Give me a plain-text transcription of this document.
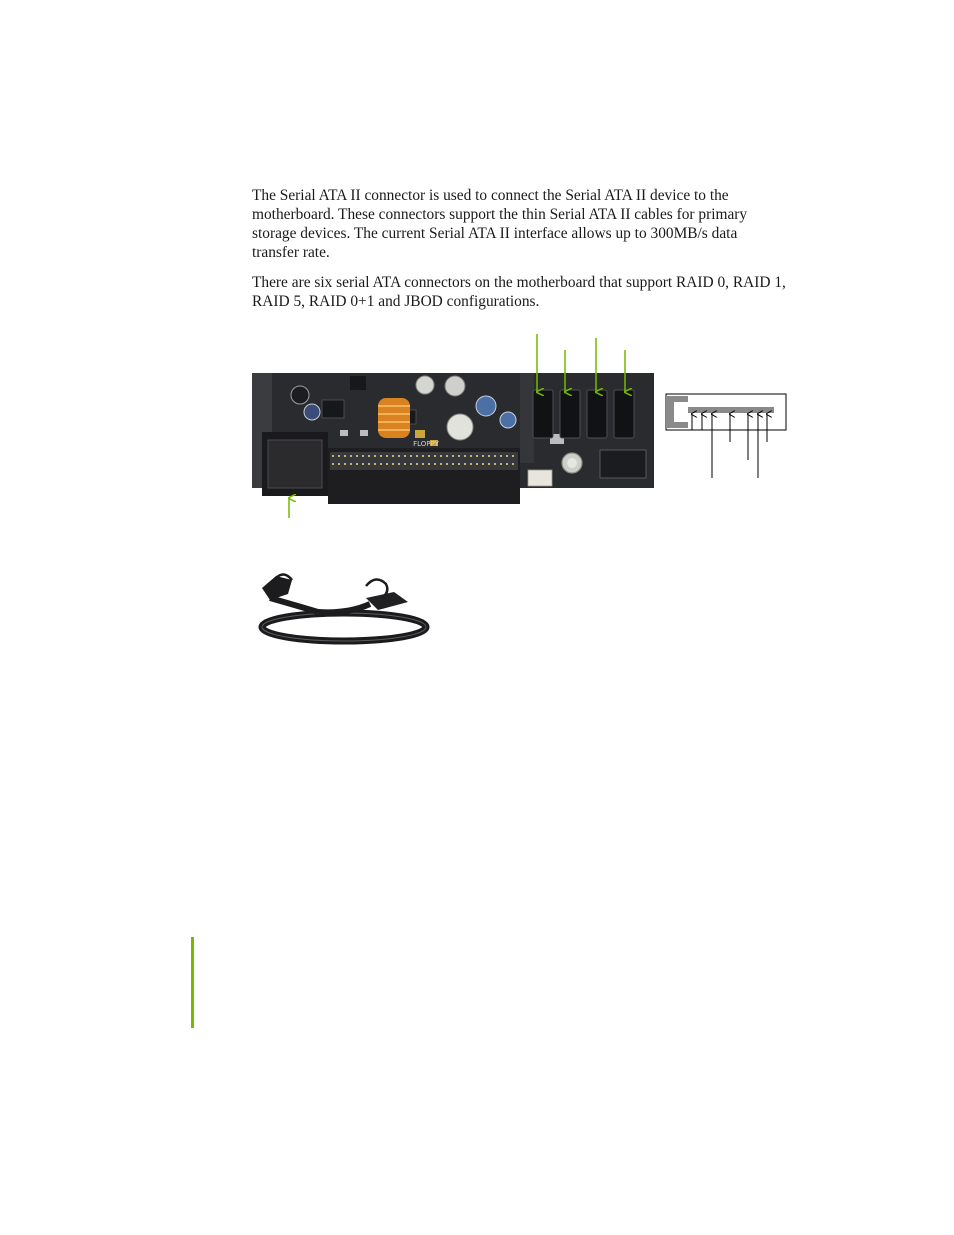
The Serial ATA II connector is used to connect the Serial ATA II device to the motherboard. These connectors support the thin Serial ATA II cables for primary storage devices. The current Serial ATA II interface allows up to 300MB/s data transfer rate.

There are six serial ATA connectors on the motherboard that support RAID 0, RAID 1, RAID 5, RAID 0+1 and JBOD configurations.

FLOPPY
